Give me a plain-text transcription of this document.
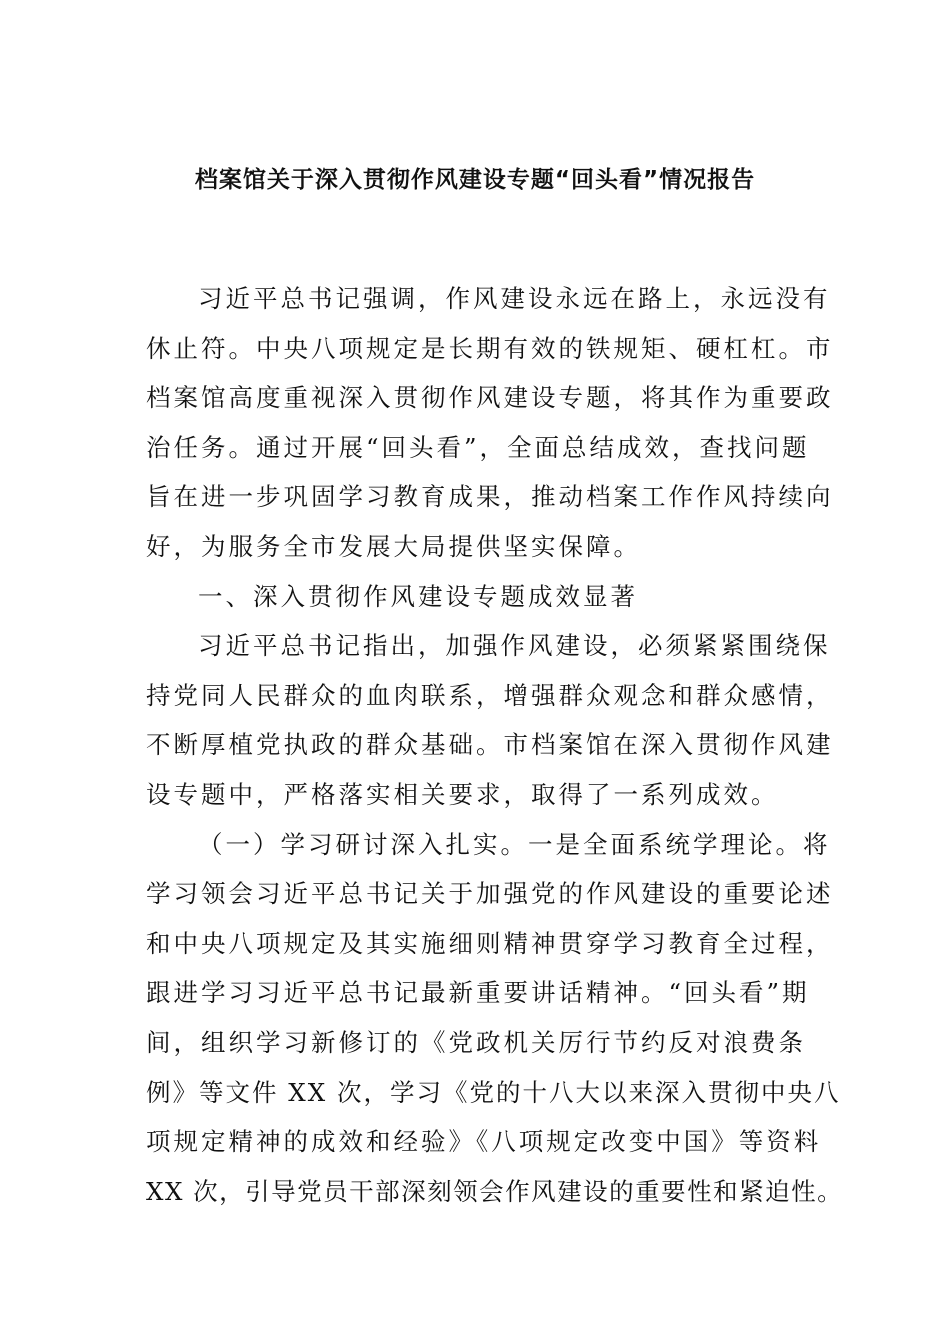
档案馆关于深入贯彻作风建设专题“回头看”情况报告
习近平总书记强调，作风建设永远在路上，永远没有
休止符。中央八项规定是长期有效的铁规矩、硬杠杠。市
档案馆高度重视深入贯彻作风建设专题，将其作为重要政
治任务。通过开展“回头看”，全面总结成效，查找问题
旨在进一步巩固学习教育成果，推动档案工作作风持续向
好，为服务全市发展大局提供坚实保障。
一、深入贯彻作风建设专题成效显著
习近平总书记指出，加强作风建设，必须紧紧围绕保
持党同人民群众的血肉联系，增强群众观念和群众感情，
不断厚植党执政的群众基础。市档案馆在深入贯彻作风建
设专题中，严格落实相关要求，取得了一系列成效。
（一）学习研讨深入扎实。一是全面系统学理论。将
学习领会习近平总书记关于加强党的作风建设的重要论述
和中央八项规定及其实施细则精神贯穿学习教育全过程，
跟进学习习近平总书记最新重要讲话精神。“回头看”期
间，组织学习新修订的《党政机关厉行节约反对浪费条
例》等文件 XX 次，学习《党的十八大以来深入贯彻中央八
项规定精神的成效和经验》《八项规定改变中国》等资料
XX 次，引导党员干部深刻领会作风建设的重要性和紧迫性。
